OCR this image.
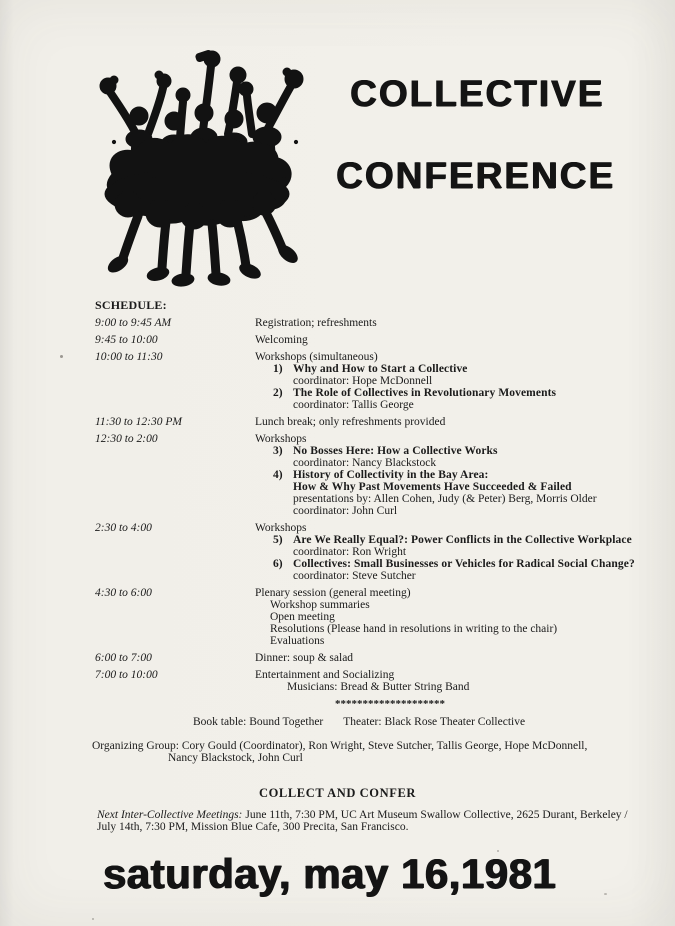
COLLECTIVE
CONFERENCE
SCHEDULE:
9:00 to 9:45 AM	Registration; refreshments
9:45 to 10:00	Welcoming
10:00 to 11:30	Workshops (simultaneous)
1) Why and How to Start a Collective
coordinator: Hope McDonnell
2) The Role of Collectives in Revolutionary Movements
coordinator: Tallis George
11:30 to 12:30 PM	Lunch break; only refreshments provided
12:30 to 2:00	Workshops
3) No Bosses Here: How a Collective Works
coordinator: Nancy Blackstock
4) History of Collectivity in the Bay Area:
How & Why Past Movements Have Succeeded & Failed
presentations by: Allen Cohen, Judy (& Peter) Berg, Morris Older
coordinator: John Curl
2:30 to 4:00	Workshops
5) Are We Really Equal?: Power Conflicts in the Collective Workplace
coordinator: Ron Wright
6) Collectives: Small Businesses or Vehicles for Radical Social Change?
coordinator: Steve Sutcher
4:30 to 6:00	Plenary session (general meeting)
Workshop summaries
Open meeting
Resolutions (Please hand in resolutions in writing to the chair)
Evaluations
6:00 to 7:00	Dinner: soup & salad
7:00 to 10:00	Entertainment and Socializing
Musicians: Bread & Butter String Band
********************
Book table: Bound Together Theater: Black Rose Theater Collective
Organizing Group: Cory Gould (Coordinator), Ron Wright, Steve Sutcher, Tallis George, Hope McDonnell,
Nancy Blackstock, John Curl
COLLECT AND CONFER
Next Inter-Collective Meetings: June 11th, 7:30 PM, UC Art Museum Swallow Collective, 2625 Durant, Berkeley /
July 14th, 7:30 PM, Mission Blue Cafe, 300 Precita, San Francisco.
saturday, may 16,1981
